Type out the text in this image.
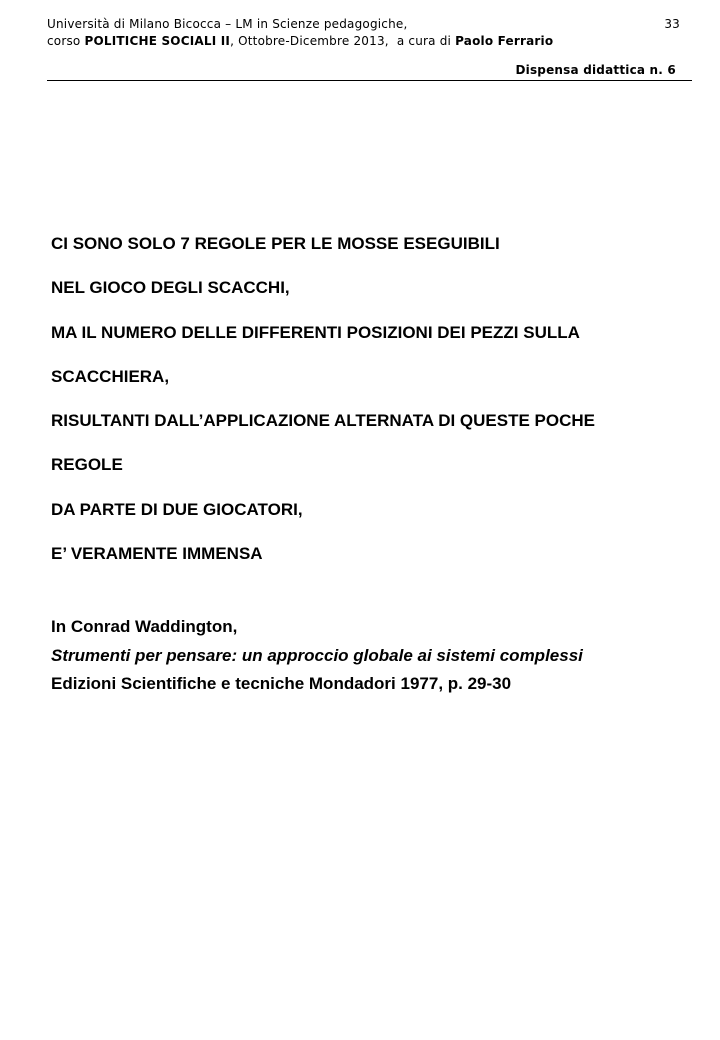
Università di Milano Bicocca – LM in Scienze pedagogiche,	33
corso POLITICHE SOCIALI II, Ottobre-Dicembre 2013, a cura di Paolo Ferrario
Dispensa didattica n. 6
CI SONO SOLO 7 REGOLE PER LE MOSSE ESEGUIBILI
NEL GIOCO DEGLI SCACCHI,
MA IL NUMERO DELLE DIFFERENTI POSIZIONI DEI PEZZI SULLA
SCACCHIERA,
RISULTANTI DALL’APPLICAZIONE ALTERNATA DI QUESTE POCHE
REGOLE
DA PARTE DI DUE GIOCATORI,
E’ VERAMENTE IMMENSA
In Conrad Waddington,
Strumenti per pensare: un approccio globale ai sistemi complessi
Edizioni Scientifiche e tecniche Mondadori 1977, p. 29-30
